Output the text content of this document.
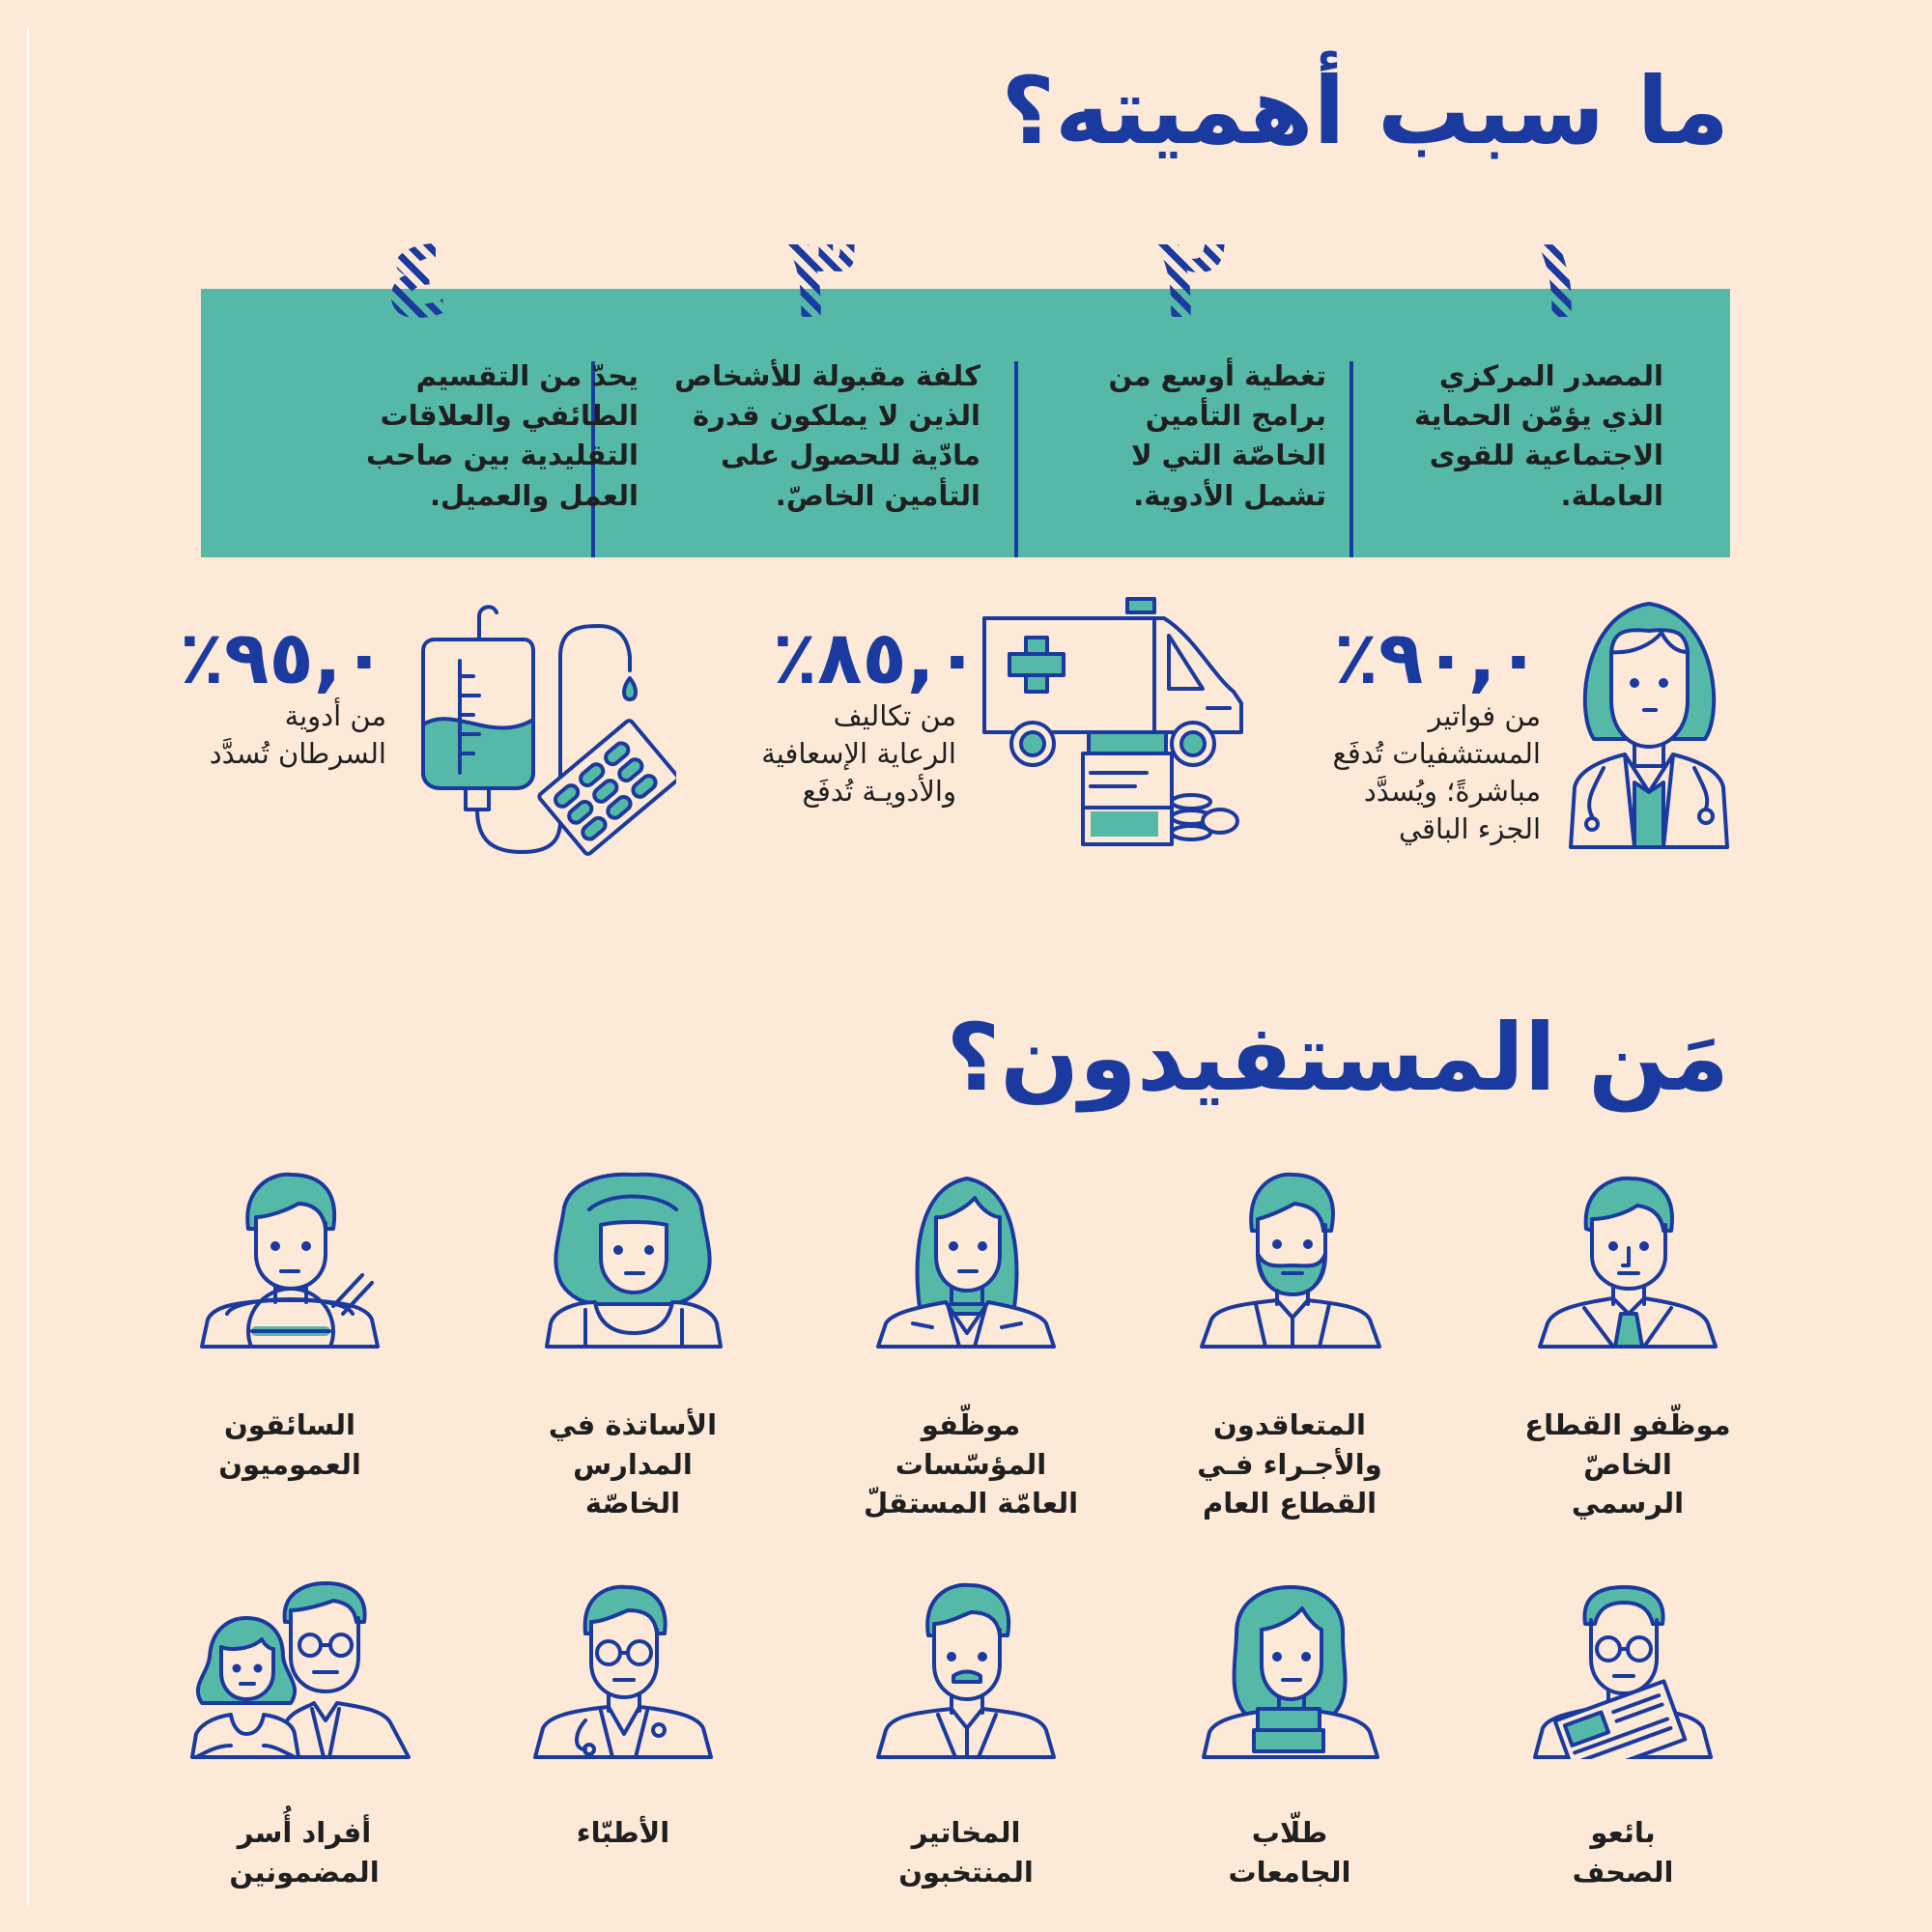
ما سبب أهميته؟
١
٢
٣
٤

المصدر المركزي
الذي يؤمّن الحماية
الاجتماعية للقوى
العاملة.

تغطية أوسع من
برامج التأمين
الخاصّة التي لا
تشمل الأدوية.

كلفة مقبولة للأشخاص
الذين لا يملكون قدرة
مادّية للحصول على
التأمين الخاصّ.

يحدّ من التقسيم
الطائفي والعلاقات
التقليدية بين صاحب
العمل والعميل.

٪٩٠,٠

من فواتير
المستشفيات تُدفَع
مباشرةً؛ ويُسدَّد
الجزء الباقي

٪٨٥,٠

من تكاليف
الرعاية الإسعافية
والأدويـة تُدفَع

٪٩٥,٠

من أدوية
السرطان تُسدَّد

مَن المستفيدون؟

موظّفو القطاع
الخاصّ
الرسمي

المتعاقدون
والأجـراء فـي
القطاع العام

موظّفو
المؤسّسات
العامّة المستقلّ

الأساتذة في
المدارس
الخاصّة

السائقون
العموميون

بائعو
الصحف

طلّاب
الجامعات

المخاتير
المنتخبون

الأطبّاء

أفراد أُسر
المضمونين
